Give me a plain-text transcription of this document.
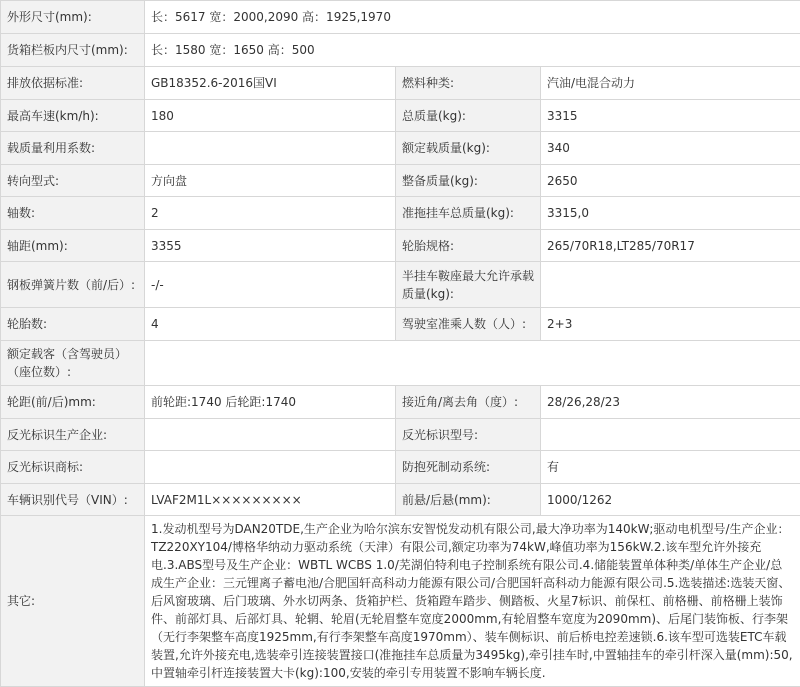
外形尺寸(mm):	长：5617 宽：2000,2090 高：1925,1970		
货箱栏板内尺寸(mm):	长：1580 宽：1650 高：500		
排放依据标准:	GB18352.6-2016国VI	燃料种类:	汽油/电混合动力
最高车速(km/h):	180	总质量(kg):	3315
载质量利用系数:		额定载质量(kg):	340
转向型式:	方向盘	整备质量(kg):	2650
轴数:	2	准拖挂车总质量(kg):	3315,0
轴距(mm):	3355	轮胎规格:	265/70R18,LT285/70R17
钢板弹簧片数（前/后）:	-/-	半挂车鞍座最大允许承载质量(kg):	
轮胎数:	4	驾驶室准乘人数（人）:	2+3
额定载客（含驾驶员）（座位数）:			
轮距(前/后)mm:	前轮距:1740 后轮距:1740	接近角/离去角（度）:	28/26,28/23
反光标识生产企业:		反光标识型号:	
反光标识商标:		防抱死制动系统:	有
车辆识别代号（VIN）:	LVAF2M1L×××××××××	前悬/后悬(mm):	1000/1262
其它:	1.发动机型号为DAN20TDE,生产企业为哈尔滨东安智悦发动机有限公司,最大净功率为140kW;驱动电机型号/生产企业：TZ220XY104/博格华纳动力驱动系统（天津）有限公司,额定功率为74kW,峰值功率为156kW.2.该车型允许外接充电.3.ABS型号及生产企业：WBTL WCBS 1.0/芜湖伯特利电子控制系统有限公司.4.储能装置单体种类/单体生产企业/总成生产企业：三元锂离子蓄电池/合肥国轩高科动力能源有限公司/合肥国轩高科动力能源有限公司.5.选装描述:选装天窗、后风窗玻璃、后门玻璃、外水切两条、货箱护栏、货箱蹬车踏步、侧踏板、火星7标识、前保杠、前格栅、前格栅上装饰件、前部灯具、后部灯具、轮辋、轮眉(无轮眉整车宽度2000mm,有轮眉整车宽度为2090mm)、后尾门装饰板、行李架（无行李架整车高度1925mm,有行李架整车高度1970mm）、装车侧标识、前后桥电控差速锁.6.该车型可选装ETC车载装置,允许外接充电,选装牵引连接装置接口(准拖挂车总质量为3495kg),牵引挂车时,中置轴挂车的牵引杆深入量(mm):50,中置轴牵引杆连接装置大卡(kg):100,安装的牵引专用装置不影响车辆长度.		
